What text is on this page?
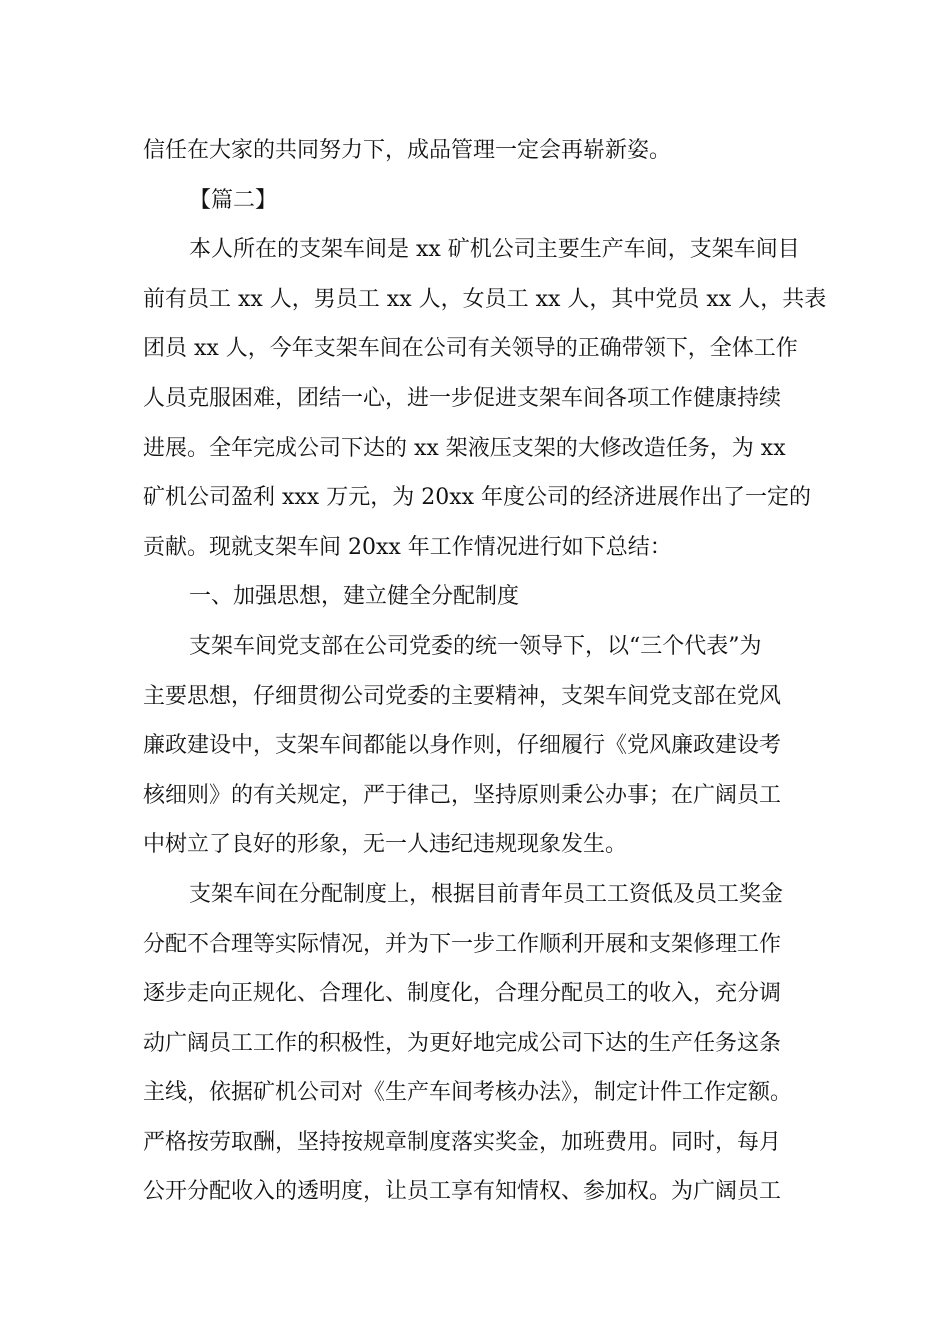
信任在大家的共同努力下，成品管理一定会再崭新姿。

【篇二】

本人所在的支架车间是 xx 矿机公司主要生产车间，支架车间目
前有员工 xx 人，男员工 xx 人，女员工 xx 人，其中党员 xx 人，共表
团员 xx 人，今年支架车间在公司有关领导的正确带领下，全体工作
人员克服困难，团结一心，进一步促进支架车间各项工作健康持续
进展。全年完成公司下达的 xx 架液压支架的大修改造任务，为 xx
矿机公司盈利 xxx 万元，为 20xx 年度公司的经济进展作出了一定的
贡献。现就支架车间 20xx 年工作情况进行如下总结：

一、加强思想，建立健全分配制度

支架车间党支部在公司党委的统一领导下，以“三个代表”为
主要思想，仔细贯彻公司党委的主要精神，支架车间党支部在党风
廉政建设中，支架车间都能以身作则，仔细履行《党风廉政建设考
核细则》的有关规定，严于律己，坚持原则秉公办事；在广阔员工
中树立了良好的形象，无一人违纪违规现象发生。

支架车间在分配制度上，根据目前青年员工工资低及员工奖金
分配不合理等实际情况，并为下一步工作顺利开展和支架修理工作
逐步走向正规化、合理化、制度化，合理分配员工的收入，充分调
动广阔员工工作的积极性，为更好地完成公司下达的生产任务这条
主线，依据矿机公司对《生产车间考核办法》，制定计件工作定额。
严格按劳取酬，坚持按规章制度落实奖金，加班费用。同时，每月
公开分配收入的透明度，让员工享有知情权、参加权。为广阔员工
